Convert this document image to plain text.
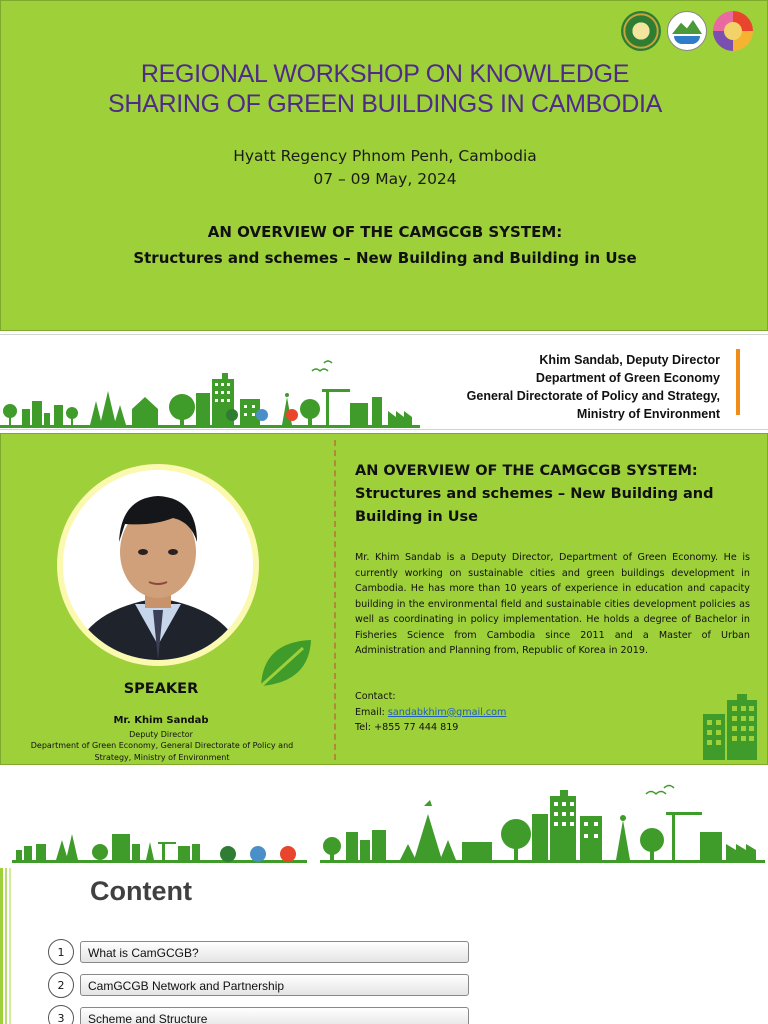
REGIONAL WORKSHOP ON KNOWLEDGE
SHARING OF GREEN BUILDINGS IN CAMBODIA
Hyatt Regency Phnom Penh, Cambodia
07 – 09 May, 2024
AN OVERVIEW OF THE CAMGCGB SYSTEM:
Structures and schemes – New Building and Building in Use
Khim Sandab, Deputy Director
Department of Green Economy
General Directorate of Policy and Strategy,
Ministry of Environment
SPEAKER
Mr. Khim Sandab
Deputy Director
Department of Green Economy, General Directorate of Policy and Strategy, Ministry of Environment
AN OVERVIEW OF THE CAMGCGB SYSTEM:
Structures and schemes – New Building and Building in Use
Mr. Khim Sandab is a Deputy Director, Department of Green Economy. He is currently working on sustainable cities and green buildings development in Cambodia. He has more than 10 years of experience in education and capacity building in the environmental field and sustainable cities development policies as well as coordinating in policy implementation. He holds a degree of Bachelor in Fisheries Science from Cambodia since 2011 and a Master of Urban Administration and Planning from, Republic of Korea in 2019.
Contact:
Email: sandabkhim@gmail.com
Tel: +855 77 444 819
Content
1	What is CamGCGB?
2	CamGCGB Network and Partnership
3	Scheme and Structure
